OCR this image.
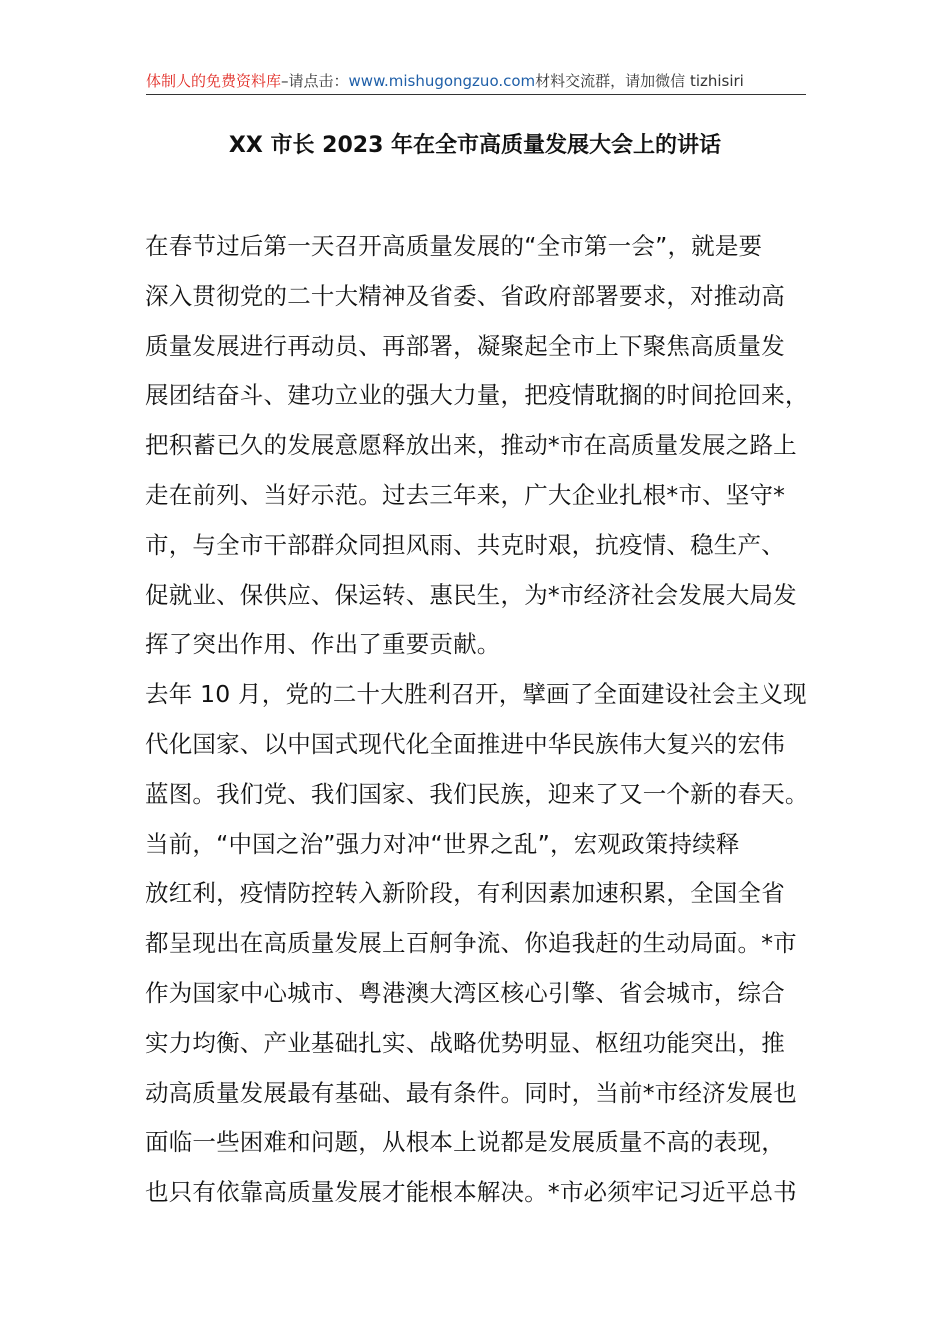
体制人的免费资料库–请点击：www.mishugongzuo.com材料交流群，请加微信 tizhisiri
XX 市长 2023 年在全市高质量发展大会上的讲话
在春节过后第一天召开高质量发展的“全市第一会”，就是要
深入贯彻党的二十大精神及省委、省政府部署要求，对推动高
质量发展进行再动员、再部署，凝聚起全市上下聚焦高质量发
展团结奋斗、建功立业的强大力量，把疫情耽搁的时间抢回来，
把积蓄已久的发展意愿释放出来，推动*市在高质量发展之路上
走在前列、当好示范。过去三年来，广大企业扎根*市、坚守*
市，与全市干部群众同担风雨、共克时艰，抗疫情、稳生产、
促就业、保供应、保运转、惠民生，为*市经济社会发展大局发
挥了突出作用、作出了重要贡献。
去年 10 月，党的二十大胜利召开，擘画了全面建设社会主义现
代化国家、以中国式现代化全面推进中华民族伟大复兴的宏伟
蓝图。我们党、我们国家、我们民族，迎来了又一个新的春天。
当前，“中国之治”强力对冲“世界之乱”，宏观政策持续释
放红利，疫情防控转入新阶段，有利因素加速积累，全国全省
都呈现出在高质量发展上百舸争流、你追我赶的生动局面。*市
作为国家中心城市、粤港澳大湾区核心引擎、省会城市，综合
实力均衡、产业基础扎实、战略优势明显、枢纽功能突出，推
动高质量发展最有基础、最有条件。同时，当前*市经济发展也
面临一些困难和问题，从根本上说都是发展质量不高的表现，
也只有依靠高质量发展才能根本解决。*市必须牢记习近平总书
